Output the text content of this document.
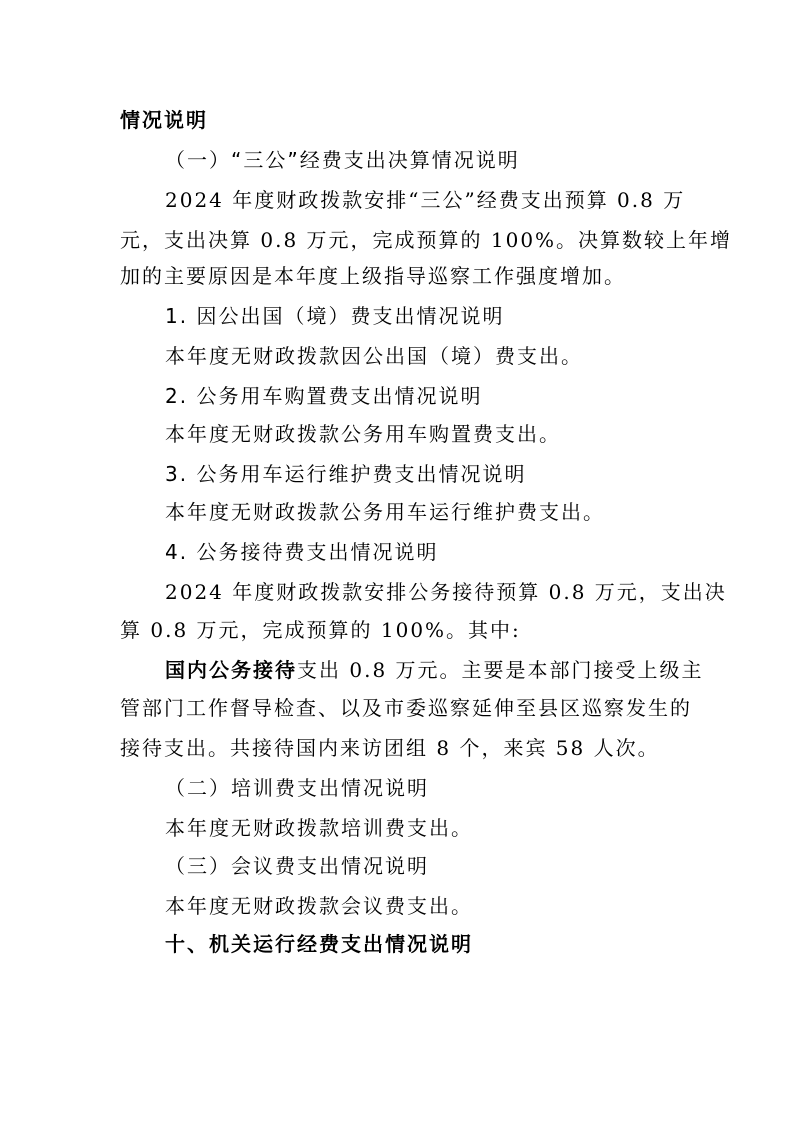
情况说明
（一）“三公”经费支出决算情况说明
2024 年度财政拨款安排“三公”经费支出预算 0.8 万
元，支出决算 0.8 万元，完成预算的 100%。决算数较上年增
加的主要原因是本年度上级指导巡察工作强度增加。
1. 因公出国（境）费支出情况说明
本年度无财政拨款因公出国（境）费支出。
2. 公务用车购置费支出情况说明
本年度无财政拨款公务用车购置费支出。
3. 公务用车运行维护费支出情况说明
本年度无财政拨款公务用车运行维护费支出。
4. 公务接待费支出情况说明
2024 年度财政拨款安排公务接待预算 0.8 万元，支出决
算 0.8 万元，完成预算的 100%。其中:
国内公务接待支出 0.8 万元。主要是本部门接受上级主
管部门工作督导检查、以及市委巡察延伸至县区巡察发生的
接待支出。共接待国内来访团组 8 个，来宾 58 人次。
（二）培训费支出情况说明
本年度无财政拨款培训费支出。
（三）会议费支出情况说明
本年度无财政拨款会议费支出。
十、机关运行经费支出情况说明
